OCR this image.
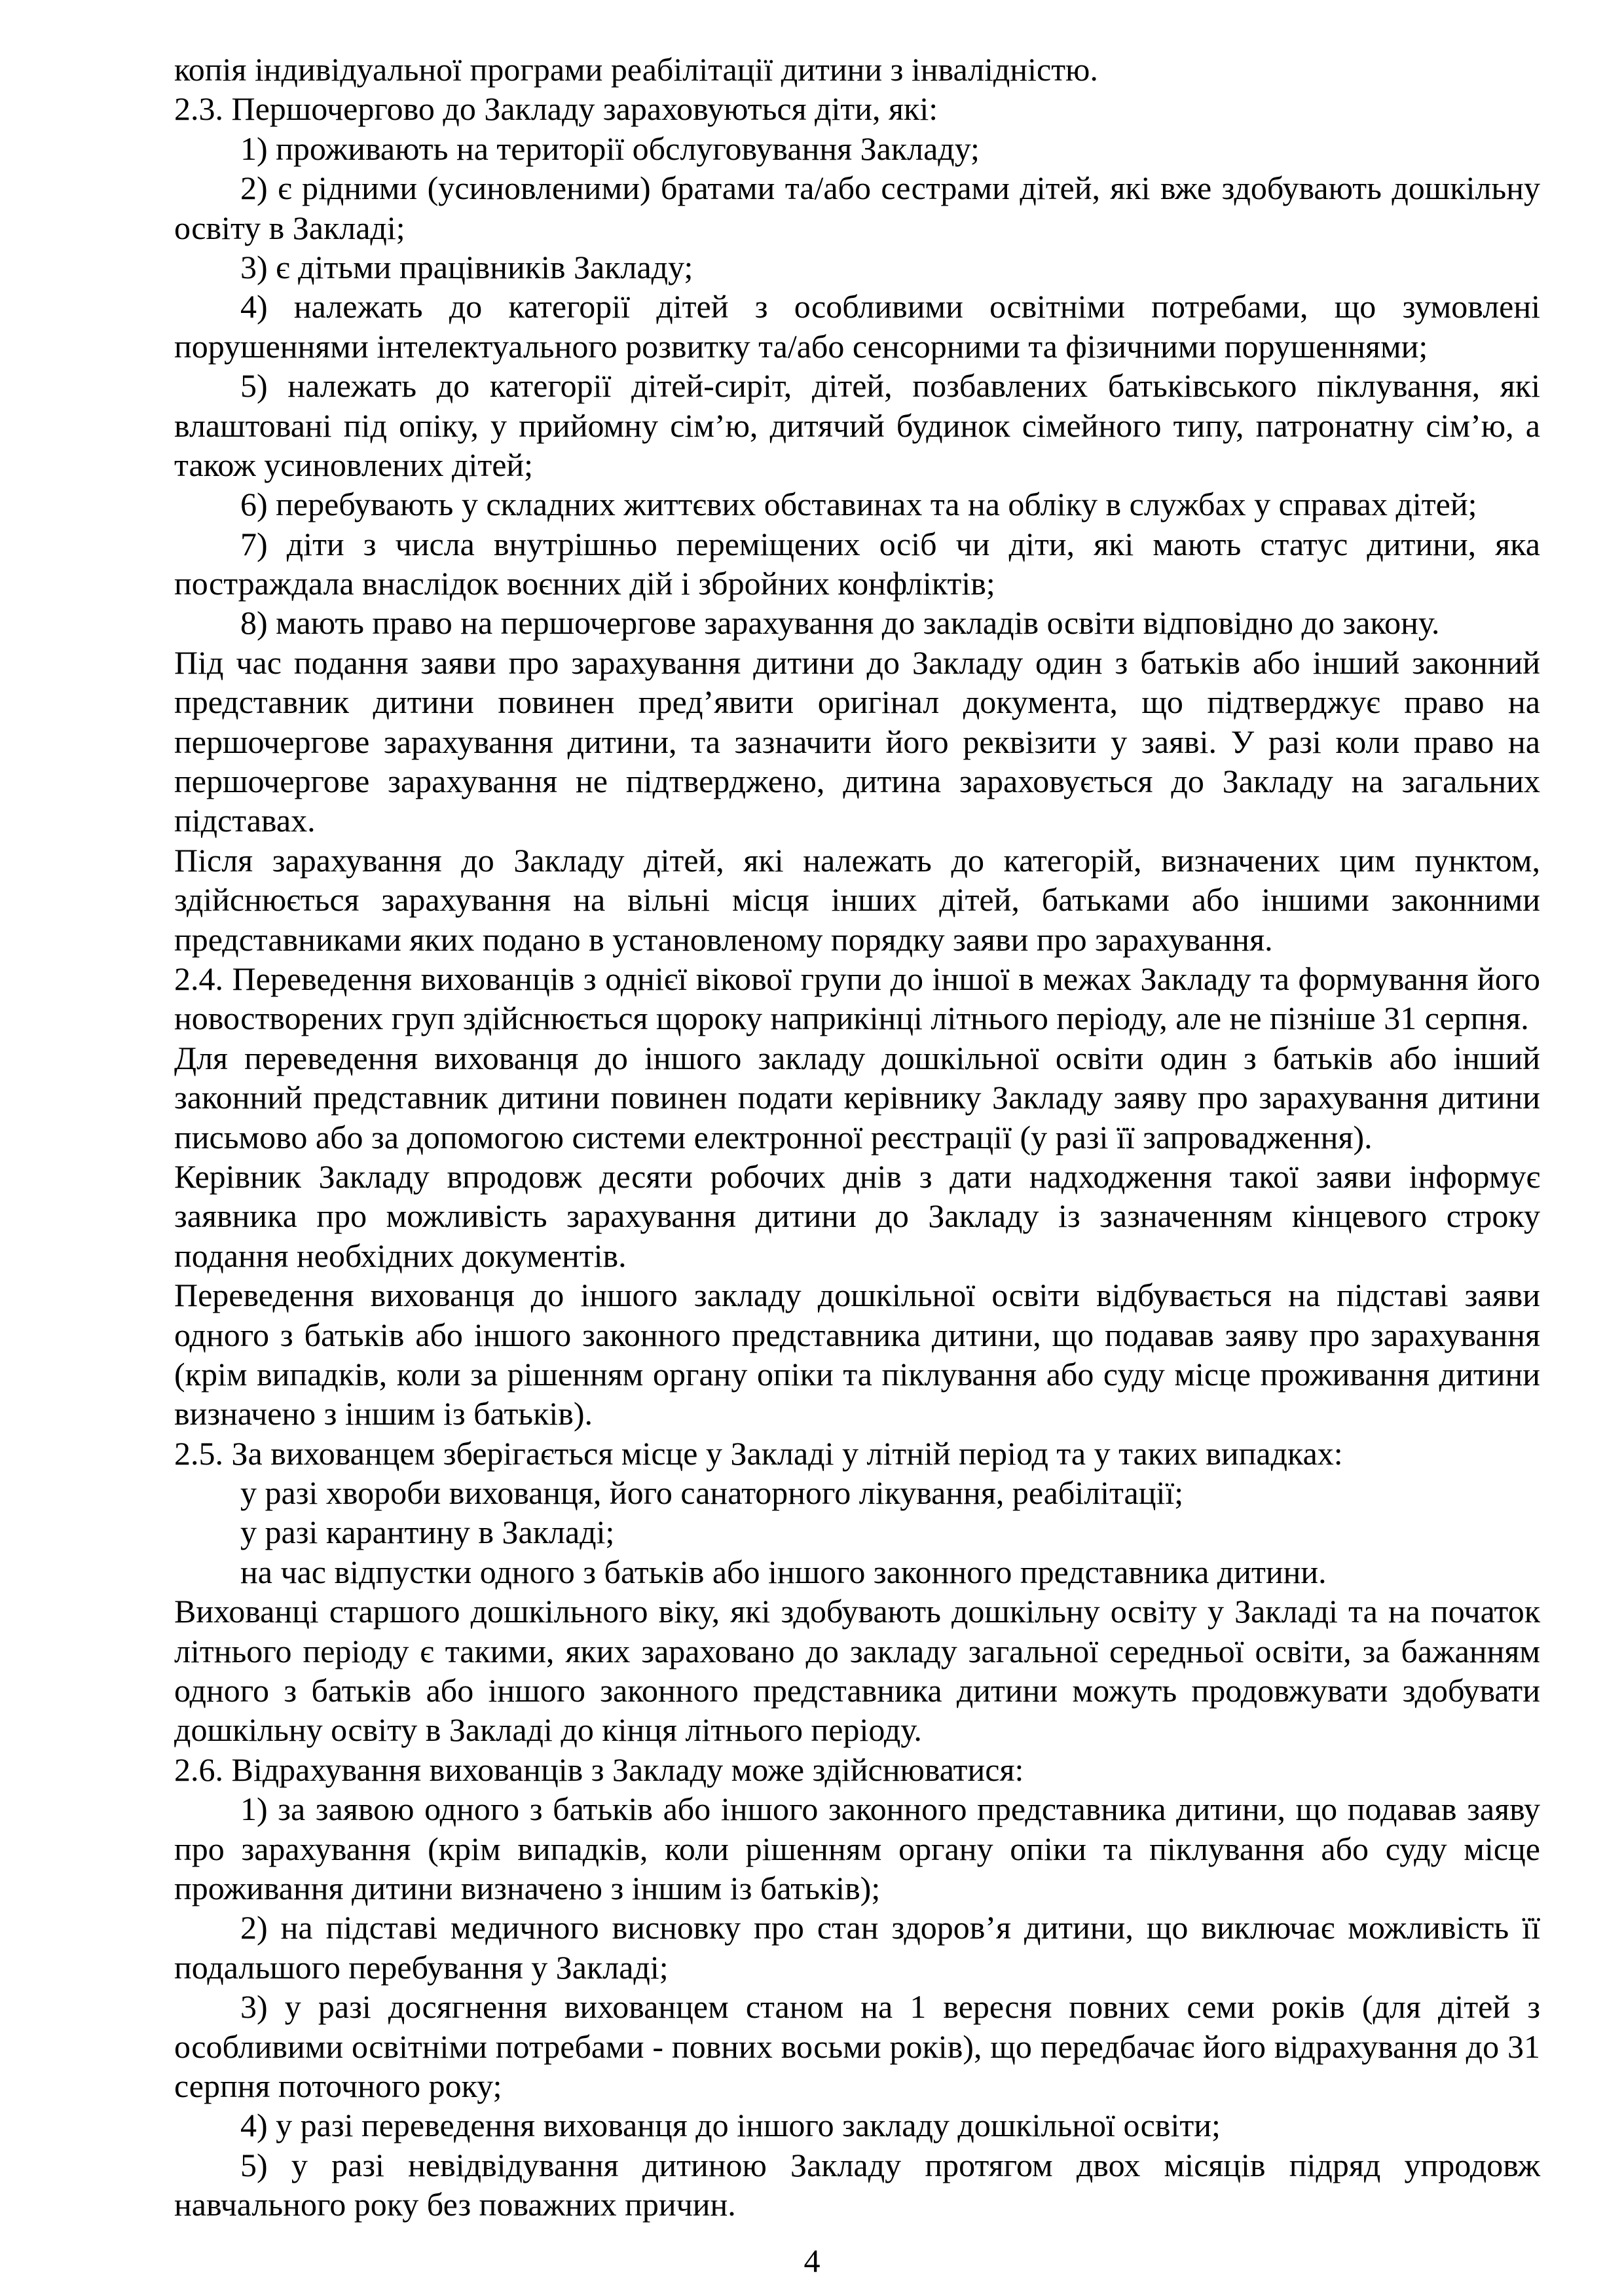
копія індивідуальної програми реабілітації дитини з інвалідністю.
2.3. Першочергово до Закладу зараховуються діти, які:
1) проживають на території обслуговування Закладу;
2) є рідними (усиновленими) братами та/або сестрами дітей, які вже здобувають дошкільну
освіту в Закладі;
3) є дітьми працівників Закладу;
4) належать до категорії дітей з особливими освітніми потребами, що зумовлені
порушеннями інтелектуального розвитку та/або сенсорними та фізичними порушеннями;
5) належать до категорії дітей-сиріт, дітей, позбавлених батьківського піклування, які
влаштовані під опіку, у прийомну сім’ю, дитячий будинок сімейного типу, патронатну сім’ю, а
також усиновлених дітей;
6) перебувають у складних життєвих обставинах та на обліку в службах у справах дітей;
7) діти з числа внутрішньо переміщених осіб чи діти, які мають статус дитини, яка
постраждала внаслідок воєнних дій і збройних конфліктів;
8) мають право на першочергове зарахування до закладів освіти відповідно до закону.
Під час подання заяви про зарахування дитини до Закладу один з батьків або інший законний
представник дитини повинен пред’явити оригінал документа, що підтверджує право на
першочергове зарахування дитини, та зазначити його реквізити у заяві. У разі коли право на
першочергове зарахування не підтверджено, дитина зараховується до Закладу на загальних
підставах.
Після зарахування до Закладу дітей, які належать до категорій, визначених цим пунктом,
здійснюється зарахування на вільні місця інших дітей, батьками або іншими законними
представниками яких подано в установленому порядку заяви про зарахування.
2.4. Переведення вихованців з однієї вікової групи до іншої в межах Закладу та формування його
новостворених груп здійснюється щороку наприкінці літнього періоду, але не пізніше 31 серпня.
Для переведення вихованця до іншого закладу дошкільної освіти один з батьків або інший
законний представник дитини повинен подати керівнику Закладу заяву про зарахування дитини
письмово або за допомогою системи електронної реєстрації (у разі її запровадження).
Керівник Закладу впродовж десяти робочих днів з дати надходження такої заяви інформує
заявника про можливість зарахування дитини до Закладу із зазначенням кінцевого строку
подання необхідних документів.
Переведення вихованця до іншого закладу дошкільної освіти відбувається на підставі заяви
одного з батьків або іншого законного представника дитини, що подавав заяву про зарахування
(крім випадків, коли за рішенням органу опіки та піклування або суду місце проживання дитини
визначено з іншим із батьків).
2.5. За вихованцем зберігається місце у Закладі у літній період та у таких випадках:
у разі хвороби вихованця, його санаторного лікування, реабілітації;
у разі карантину в Закладі;
на час відпустки одного з батьків або іншого законного представника дитини.
Вихованці старшого дошкільного віку, які здобувають дошкільну освіту у Закладі та на початок
літнього періоду є такими, яких зараховано до закладу загальної середньої освіти, за бажанням
одного з батьків або іншого законного представника дитини можуть продовжувати здобувати
дошкільну освіту в Закладі до кінця літнього періоду.
2.6. Відрахування вихованців з Закладу може здійснюватися:
1) за заявою одного з батьків або іншого законного представника дитини, що подавав заяву
про зарахування (крім випадків, коли рішенням органу опіки та піклування або суду місце
проживання дитини визначено з іншим із батьків);
2) на підставі медичного висновку про стан здоров’я дитини, що виключає можливість її
подальшого перебування у Закладі;
3) у разі досягнення вихованцем станом на 1 вересня повних семи років (для дітей з
особливими освітніми потребами - повних восьми років), що передбачає його відрахування до 31
серпня поточного року;
4) у разі переведення вихованця до іншого закладу дошкільної освіти;
5) у разі невідвідування дитиною Закладу протягом двох місяців підряд упродовж
навчального року без поважних причин.
4
